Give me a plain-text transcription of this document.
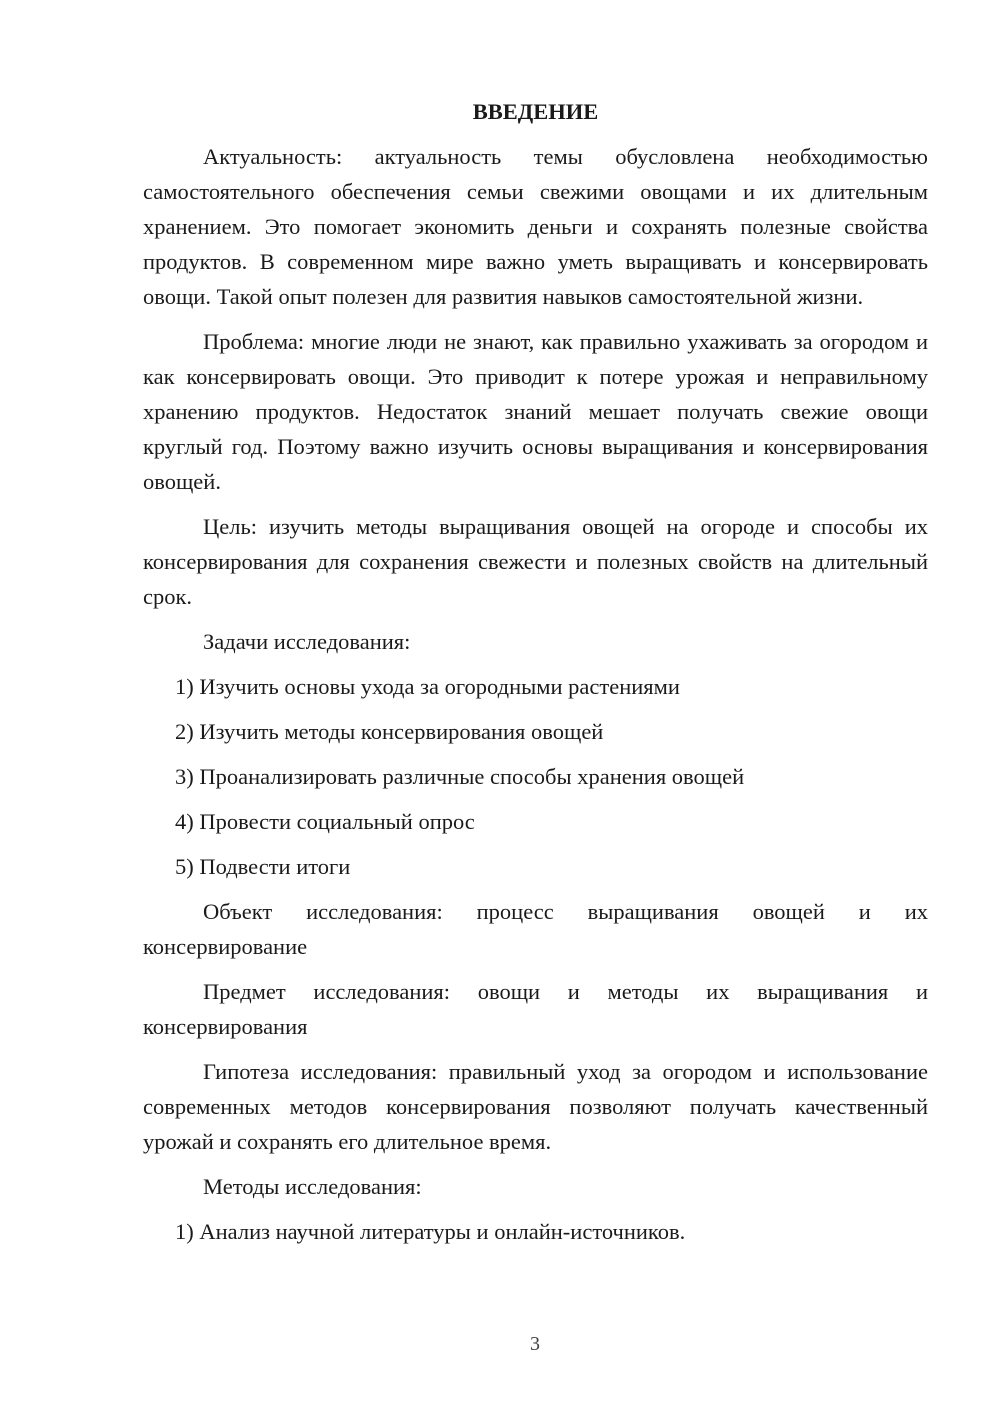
ВВЕДЕНИЕ

Актуальность: актуальность темы обусловлена необходимостью самостоятельного обеспечения семьи свежими овощами и их длительным хранением. Это помогает экономить деньги и сохранять полезные свойства продуктов. В современном мире важно уметь выращивать и консервировать овощи. Такой опыт полезен для развития навыков самостоятельной жизни.

Проблема: многие люди не знают, как правильно ухаживать за огородом и как консервировать овощи. Это приводит к потере урожая и неправильному хранению продуктов. Недостаток знаний мешает получать свежие овощи круглый год. Поэтому важно изучить основы выращивания и консервирования овощей.

Цель: изучить методы выращивания овощей на огороде и способы их консервирования для сохранения свежести и полезных свойств на длительный срок.

Задачи исследования:

1) Изучить основы ухода за огородными растениями
2) Изучить методы консервирования овощей
3) Проанализировать различные способы хранения овощей
4) Провести социальный опрос
5) Подвести итоги

Объект исследования: процесс выращивания овощей и их консервирование

Предмет исследования: овощи и методы их выращивания и консервирования

Гипотеза исследования: правильный уход за огородом и использование современных методов консервирования позволяют получать качественный урожай и сохранять его длительное время.

Методы исследования:

1) Анализ научной литературы и онлайн-источников.
3
